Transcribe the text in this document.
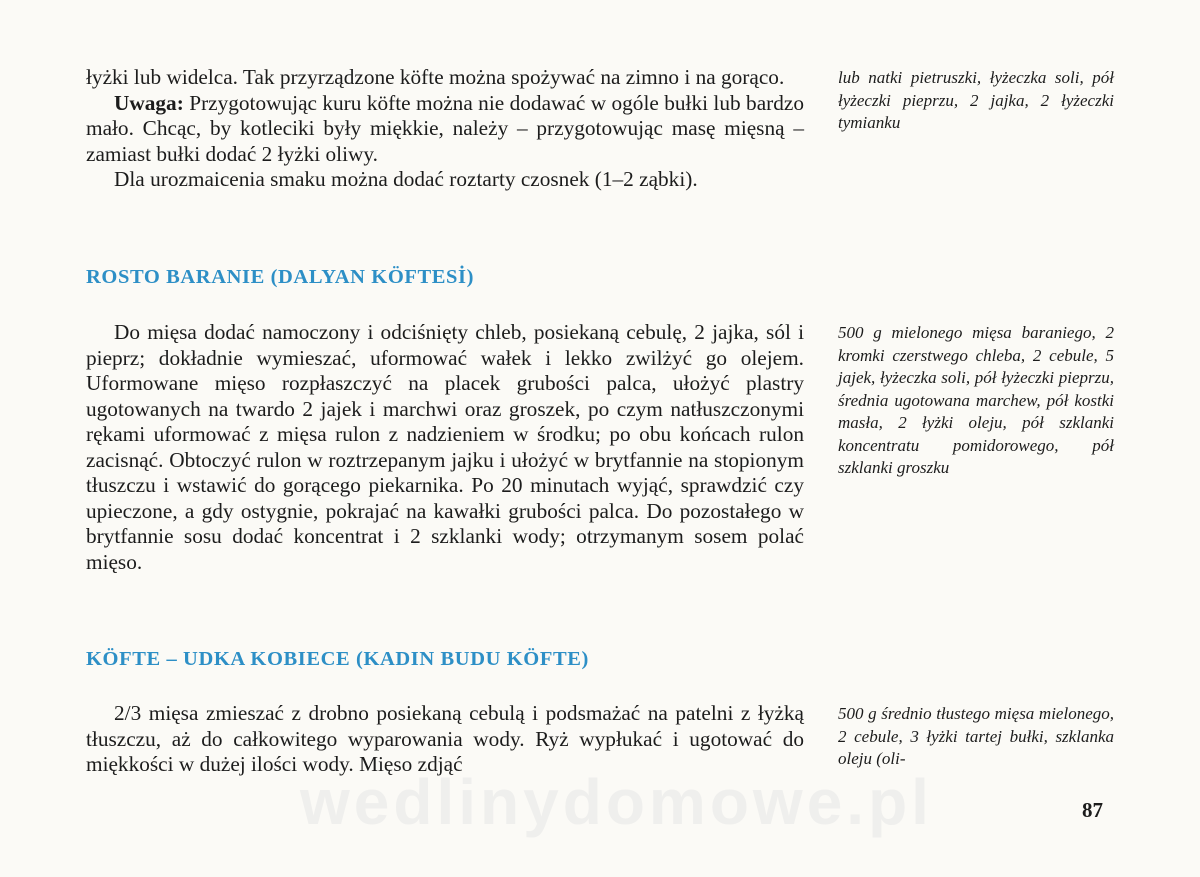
łyżki lub widelca. Tak przyrządzone köfte można spożywać na zimno i na gorąco.

Uwaga: Przygotowując kuru köfte można nie dodawać w ogóle bułki lub bardzo mało. Chcąc, by kotleciki były miękkie, należy – przygotowując masę mięsną – zamiast bułki dodać 2 łyżki oliwy.

Dla urozmaicenia smaku można dodać roztarty czosnek (1–2 ząbki).

lub natki pietruszki, łyżeczka soli, pół łyżeczki pieprzu, 2 jajka, 2 łyżeczki tymianku
ROSTO BARANIE (DALYAN KÖFTESİ)

Do mięsa dodać namoczony i odciśnięty chleb, posiekaną cebulę, 2 jajka, sól i pieprz; dokładnie wymieszać, uformować wałek i lekko zwilżyć go olejem. Uformowane mięso rozpłaszczyć na placek grubości palca, ułożyć plastry ugotowanych na twardo 2 jajek i marchwi oraz groszek, po czym natłuszczonymi rękami uformować z mięsa rulon z nadzieniem w środku; po obu końcach rulon zacisnąć. Obtoczyć rulon w roztrzepanym jajku i ułożyć w brytfannie na stopionym tłuszczu i wstawić do gorącego piekarnika. Po 20 minutach wyjąć, sprawdzić czy upieczone, a gdy ostygnie, pokrajać na kawałki grubości palca. Do pozostałego w brytfannie sosu dodać koncentrat i 2 szklanki wody; otrzymanym sosem polać mięso.

500 g mielonego mięsa baraniego, 2 kromki czerstwego chleba, 2 cebule, 5 jajek, łyżeczka soli, pół łyżeczki pieprzu, średnia ugotowana marchew, pół kostki masła, 2 łyżki oleju, pół szklanki koncentratu pomidorowego, pół szklanki groszku
KÖFTE – UDKA KOBIECE (KADIN BUDU KÖFTE)

2/3 mięsa zmieszać z drobno posiekaną cebulą i podsmażać na patelni z łyżką tłuszczu, aż do całkowitego wyparowania wody. Ryż wypłukać i ugotować do miękkości w dużej ilości wody. Mięso zdjąć

500 g średnio tłustego mięsa mielonego, 2 cebule, 3 łyżki tartej bułki, szklanka oleju (oli-
wedlinydomowe.pl	87
